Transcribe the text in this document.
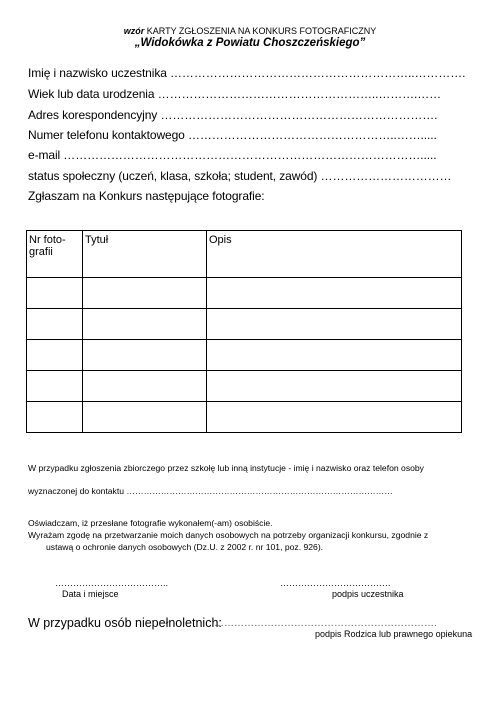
wzór KARTY ZGŁOSZENIA NA KONKURS FOTOGRAFICZNY
„Widokówka z Powiatu Choszczeńskiego”
Imię i nazwisko uczestnika ……………………………………………………..………….
Wiek lub data urodzenia ………………………………………………..……….……
Adres korespondencyjny …………………………………………………………….
Numer telefonu kontaktowego ……………………………………………..…….....
e-mail ……………………………………………………………………………….....
status społeczny (uczeń, klasa, szkoła; student, zawód) ……………………………
Zgłaszam na Konkurs następujące fotografie:
Nr foto-
grafii	Tytuł	Opis

W przypadku zgłoszenia zbiorczego przez szkołę lub inną instytucje - imię i nazwisko oraz telefon osoby
wyznaczonej do kontaktu …………………………………………………………………………………
Oświadczam, iż przesłane fotografie wykonałem(-am) osobiście.
Wyrażam zgodę na przetwarzanie moich danych osobowych na potrzeby organizacji konkursu, zgodnie z
ustawą o ochronie danych osobowych (Dz.U. z 2002 r. nr 101, poz. 926).
………………………………..
Data i miejsce
……………………………….
podpis uczestnika
W przypadku osób niepełnoletnich:
………………………………………………………….
podpis Rodzica lub prawnego opiekuna
